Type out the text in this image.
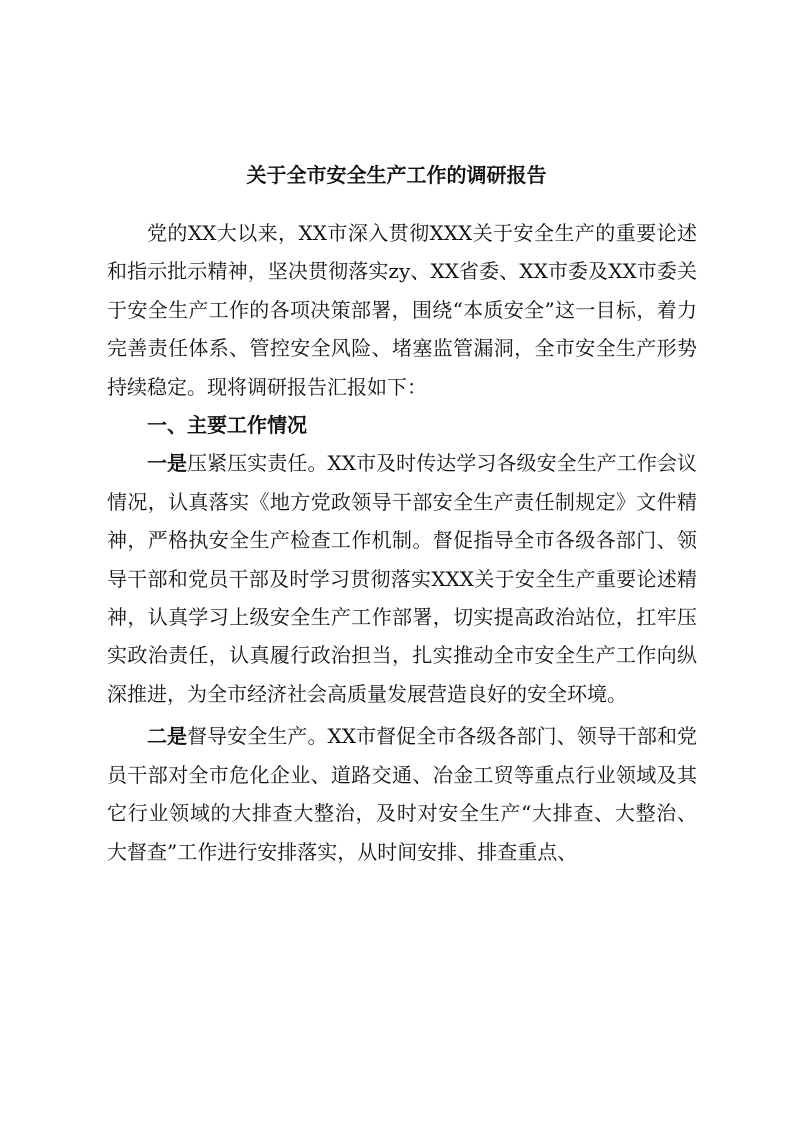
关于全市安全生产工作的调研报告

党的XX大以来，XX市深入贯彻XXX关于安全生产的重要论述和指示批示精神，坚决贯彻落实zy、XX省委、XX市委及XX市委关于安全生产工作的各项决策部署，围绕“本质安全”这一目标，着力完善责任体系、管控安全风险、堵塞监管漏洞，全市安全生产形势持续稳定。现将调研报告汇报如下：

一、主要工作情况

一是压紧压实责任。XX市及时传达学习各级安全生产工作会议情况，认真落实《地方党政领导干部安全生产责任制规定》文件精神，严格执安全生产检查工作机制。督促指导全市各级各部门、领导干部和党员干部及时学习贯彻落实XXX关于安全生产重要论述精神，认真学习上级安全生产工作部署，切实提高政治站位，扛牢压实政治责任，认真履行政治担当，扎实推动全市安全生产工作向纵深推进，为全市经济社会高质量发展营造良好的安全环境。

二是督导安全生产。XX市督促全市各级各部门、领导干部和党员干部对全市危化企业、道路交通、冶金工贸等重点行业领域及其它行业领域的大排查大整治，及时对安全生产“大排查、大整治、大督查”工作进行安排落实，从时间安排、排查重点、
